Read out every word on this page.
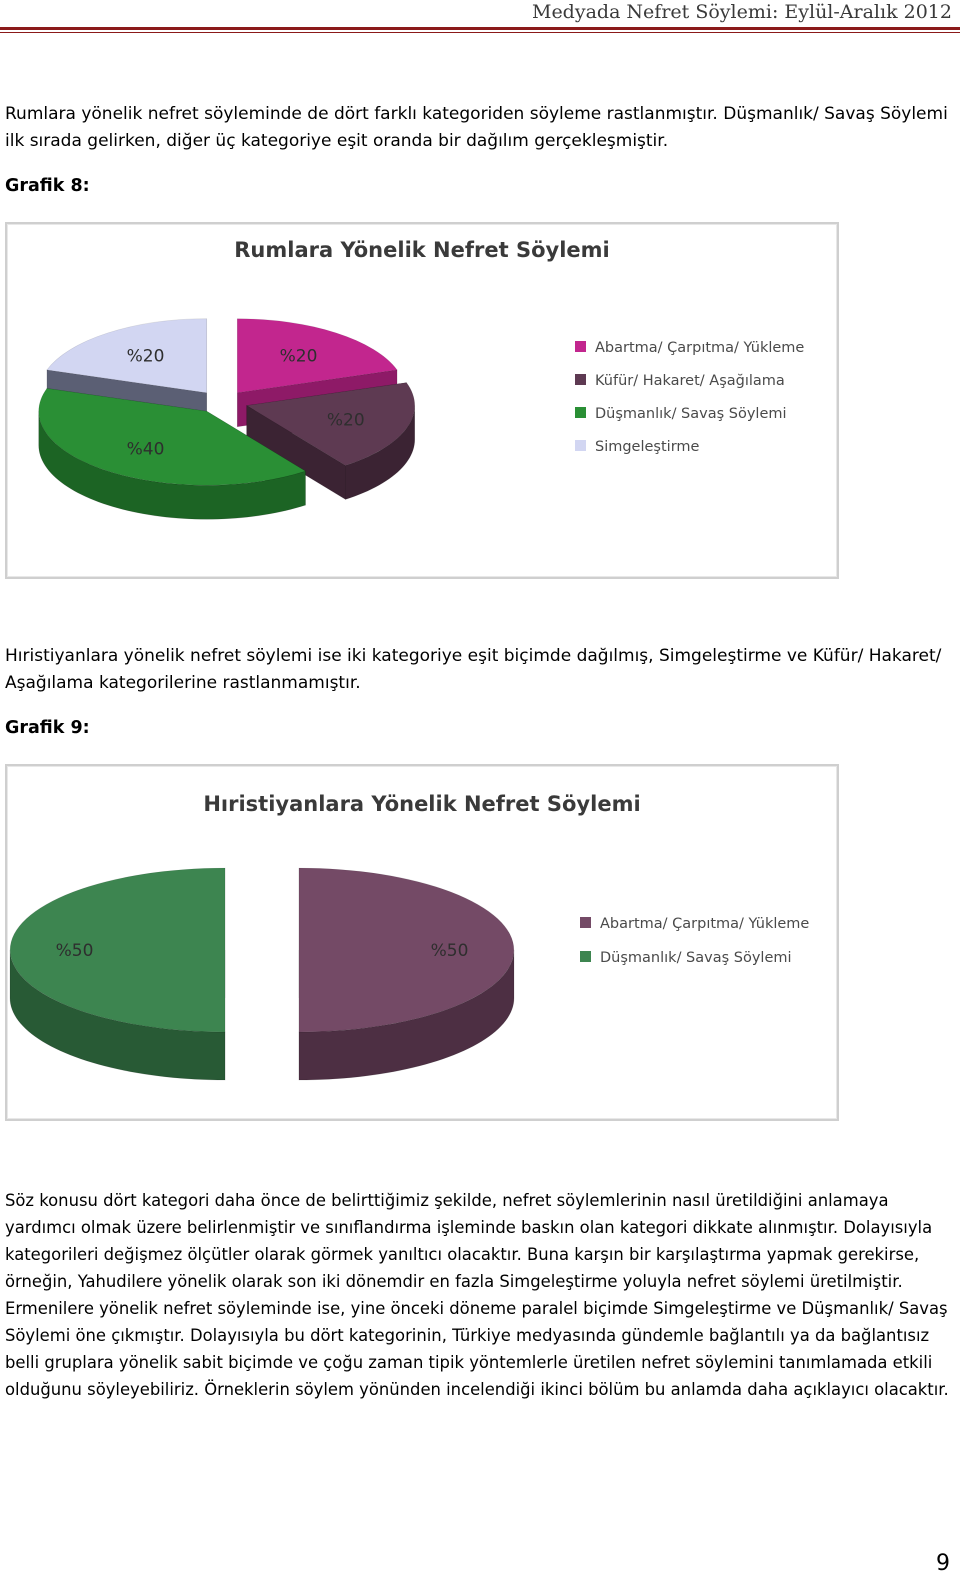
Medyada Nefret Söylemi: Eylül-Aralık 2012

Rumlara yönelik nefret söyleminde de dört farklı kategoriden söyleme rastlanmıştır. Düşmanlık/ Savaş Söylemi ilk sırada gelirken, diğer üç kategoriye eşit oranda bir dağılım gerçekleşmiştir.

Grafik 8:
Rumlara Yönelik Nefret Söylemi
%20
%20
%20
%40
Abartma/ Çarpıtma/ Yükleme
Küfür/ Hakaret/ Aşağılama
Düşmanlık/ Savaş Söylemi
Simgeleştirme

Hıristiyanlara yönelik nefret söylemi ise iki kategoriye eşit biçimde dağılmış, Simgeleştirme ve Küfür/ Hakaret/ Aşağılama kategorilerine rastlanmamıştır.

Grafik 9:
Hıristiyanlara Yönelik Nefret Söylemi
%50
%50
Abartma/ Çarpıtma/ Yükleme
Düşmanlık/ Savaş Söylemi

Söz konusu dört kategori daha önce de belirttiğimiz şekilde, nefret söylemlerinin nasıl üretildiğini anlamaya yardımcı olmak üzere belirlenmiştir ve sınıflandırma işleminde baskın olan kategori dikkate alınmıştır. Dolayısıyla kategorileri değişmez ölçütler olarak görmek yanıltıcı olacaktır. Buna karşın bir karşılaştırma yapmak gerekirse, örneğin, Yahudilere yönelik olarak son iki dönemdir en fazla Simgeleştirme yoluyla nefret söylemi üretilmiştir. Ermenilere yönelik nefret söyleminde ise, yine önceki döneme paralel biçimde Simgeleştirme ve Düşmanlık/ Savaş Söylemi öne çıkmıştır. Dolayısıyla bu dört kategorinin, Türkiye medyasında gündemle bağlantılı ya da bağlantısız belli gruplara yönelik sabit biçimde ve çoğu zaman tipik yöntemlerle üretilen nefret söylemini tanımlamada etkili olduğunu söyleyebiliriz. Örneklerin söylem yönünden incelendiği ikinci bölüm bu anlamda daha açıklayıcı olacaktır.

9
